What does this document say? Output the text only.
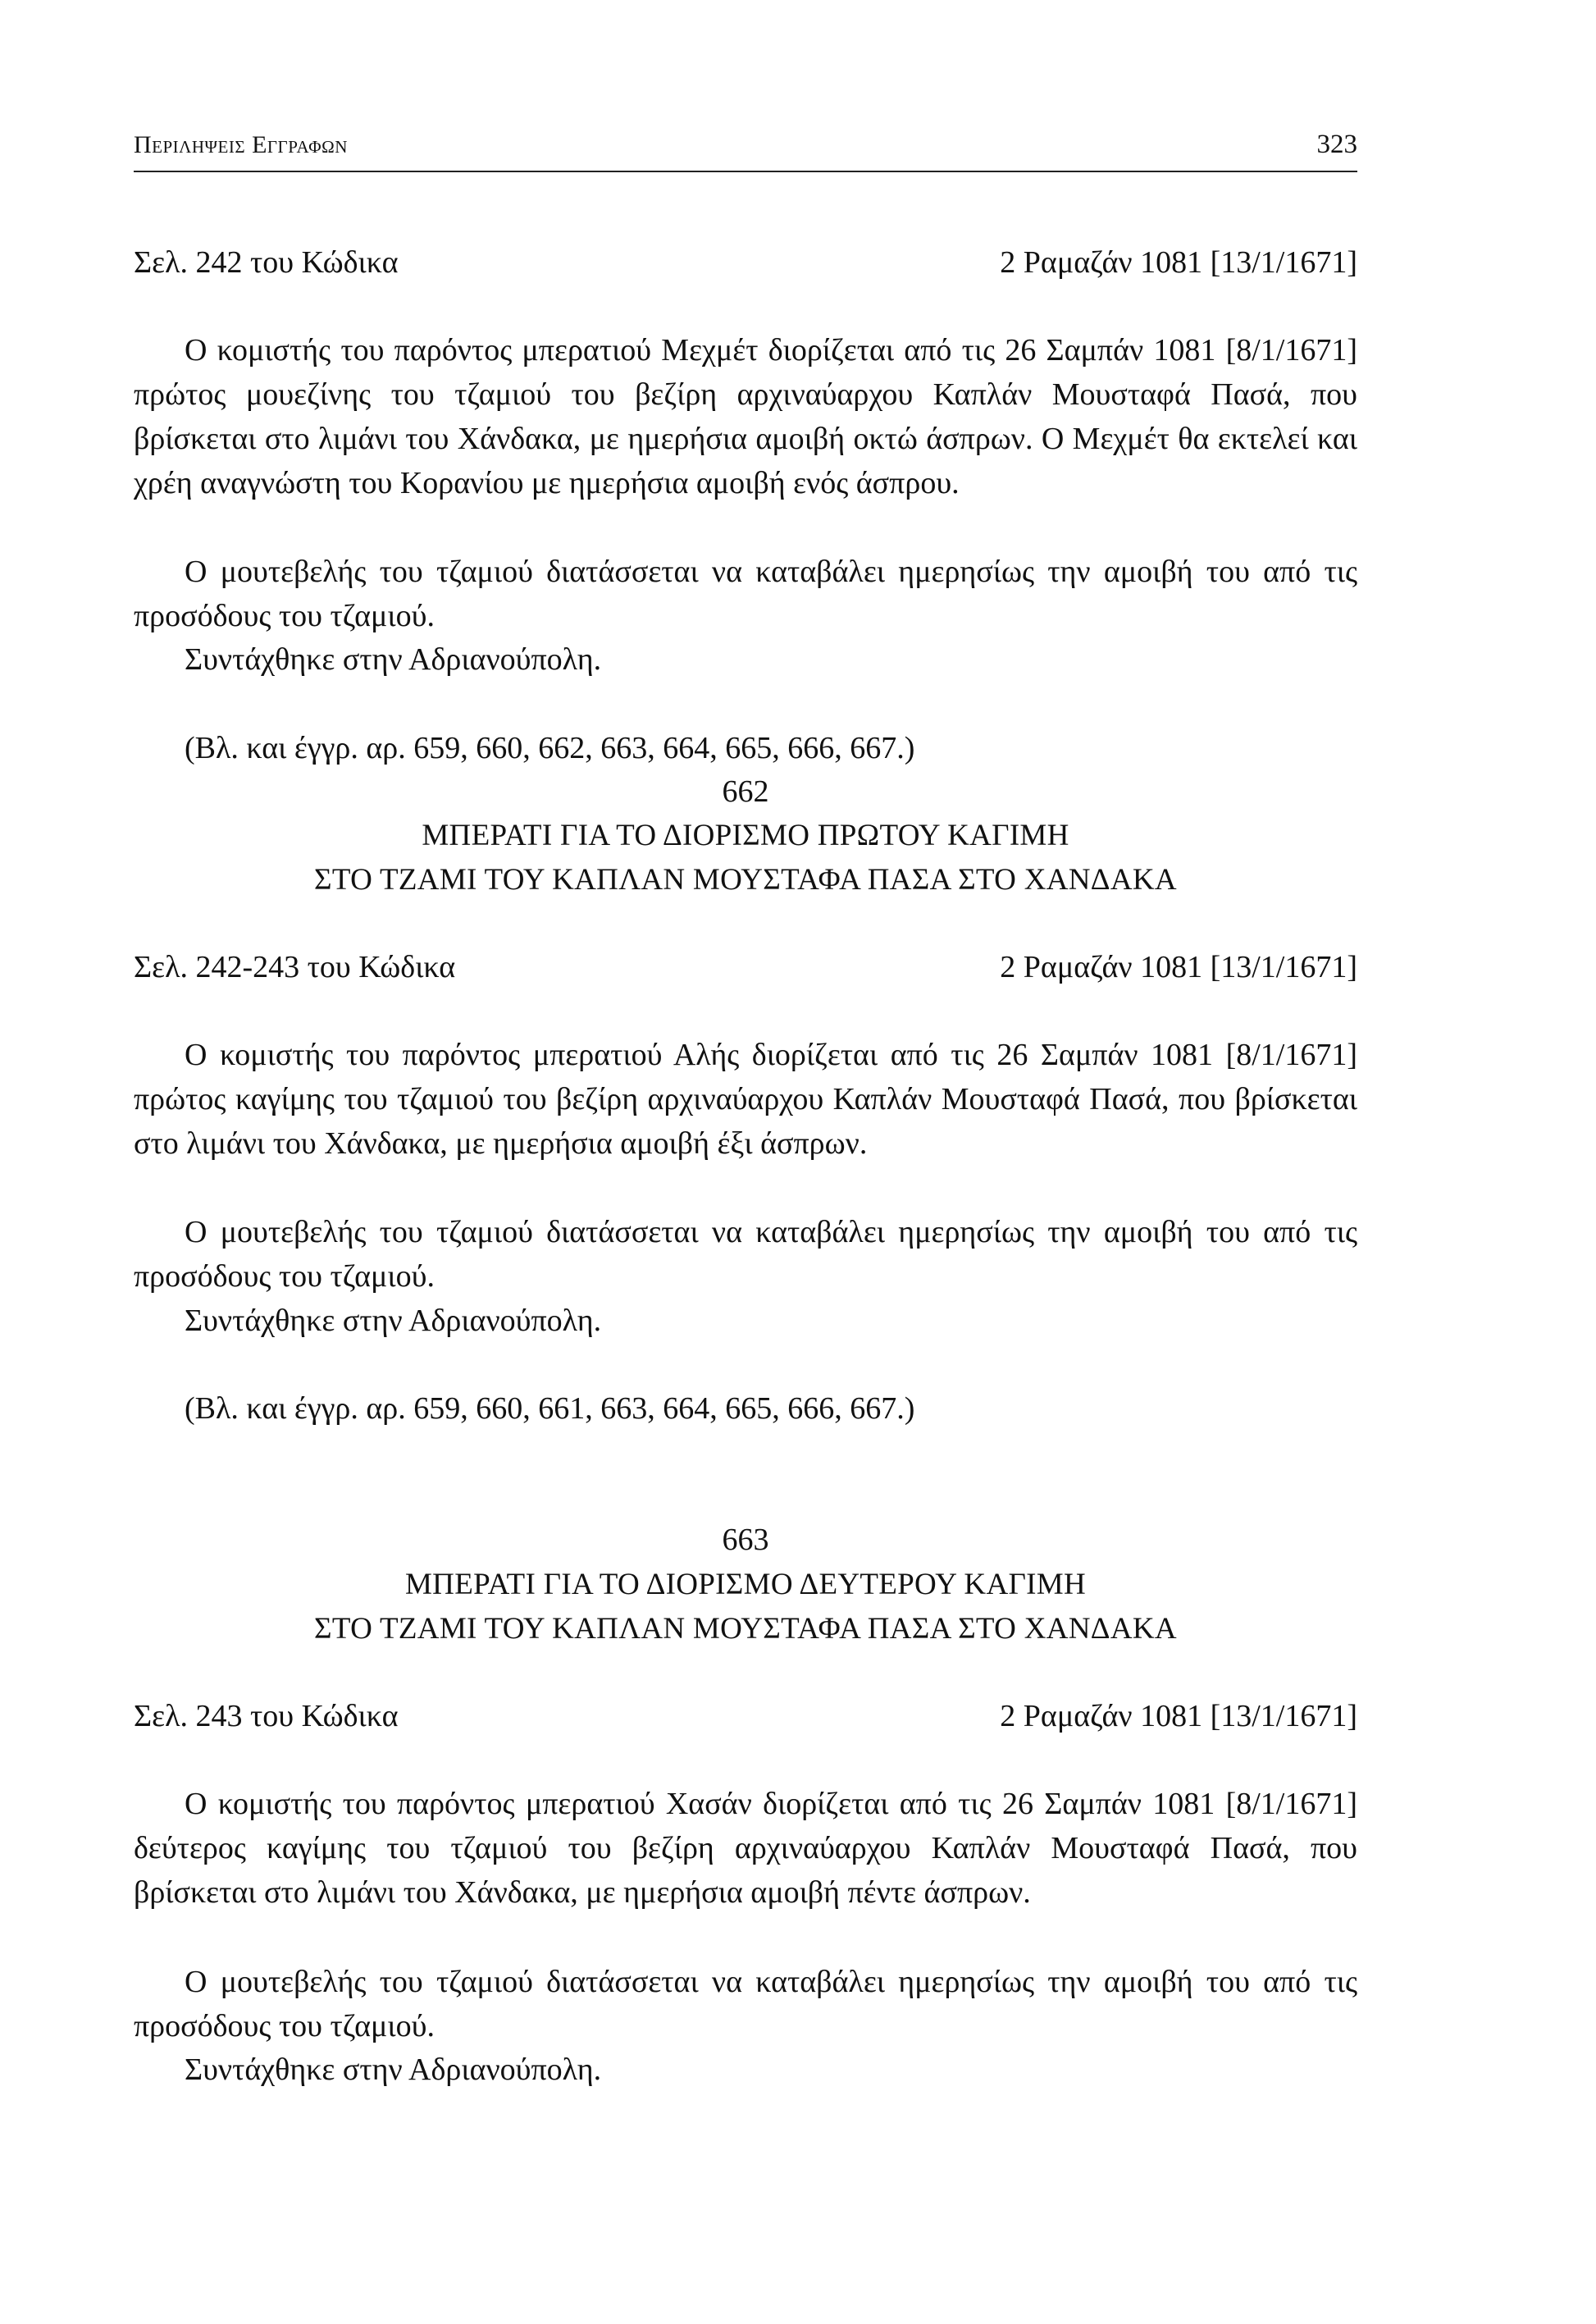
Περιληψεις Εγγραφων	323
Σελ. 242 του Κώδικα	2 Ραμαζάν 1081 [13/1/1671]
Ο κομιστής του παρόντος μπερατιού Μεχμέτ διορίζεται από τις 26 Σαμπάν 1081 [8/1/1671] πρώτος μουεζίνης του τζαμιού του βεζίρη αρχιναύαρχου Καπλάν Μουσταφά Πασά, που βρίσκεται στο λιμάνι του Χάνδακα, με ημερήσια αμοιβή οκτώ άσπρων. Ο Μεχμέτ θα εκτελεί και χρέη αναγνώστη του Κορανίου με ημερήσια αμοιβή ενός άσπρου.
Ο μουτεβελής του τζαμιού διατάσσεται να καταβάλει ημερησίως την αμοιβή του από τις προσόδους του τζαμιού.
Συντάχθηκε στην Αδριανούπολη.
(Βλ. και έγγρ. αρ. 659, 660, 662, 663, 664, 665, 666, 667.)
662
ΜΠΕΡΑΤΙ ΓΙΑ ΤΟ ΔΙΟΡΙΣΜΟ ΠΡΩΤΟΥ ΚΑΓΙΜΗ
ΣΤΟ ΤΖΑΜΙ ΤΟΥ ΚΑΠΛΑΝ ΜΟΥΣΤΑΦΑ ΠΑΣΑ ΣΤΟ ΧΑΝΔΑΚΑ
Σελ. 242-243 του Κώδικα	2 Ραμαζάν 1081 [13/1/1671]
Ο κομιστής του παρόντος μπερατιού Αλής διορίζεται από τις 26 Σαμπάν 1081 [8/1/1671] πρώτος καγίμης του τζαμιού του βεζίρη αρχιναύαρχου Καπλάν Μουσταφά Πασά, που βρίσκεται στο λιμάνι του Χάνδακα, με ημερήσια αμοιβή έξι άσπρων.
Ο μουτεβελής του τζαμιού διατάσσεται να καταβάλει ημερησίως την αμοιβή του από τις προσόδους του τζαμιού.
Συντάχθηκε στην Αδριανούπολη.
(Βλ. και έγγρ. αρ. 659, 660, 661, 663, 664, 665, 666, 667.)
663
ΜΠΕΡΑΤΙ ΓΙΑ ΤΟ ΔΙΟΡΙΣΜΟ ΔΕΥΤΕΡΟΥ ΚΑΓΙΜΗ
ΣΤΟ ΤΖΑΜΙ ΤΟΥ ΚΑΠΛΑΝ ΜΟΥΣΤΑΦΑ ΠΑΣΑ ΣΤΟ ΧΑΝΔΑΚΑ
Σελ. 243 του Κώδικα	2 Ραμαζάν 1081 [13/1/1671]
Ο κομιστής του παρόντος μπερατιού Χασάν διορίζεται από τις 26 Σαμπάν 1081 [8/1/1671] δεύτερος καγίμης του τζαμιού του βεζίρη αρχιναύαρχου Καπλάν Μουσταφά Πασά, που βρίσκεται στο λιμάνι του Χάνδακα, με ημερήσια αμοιβή πέντε άσπρων.
Ο μουτεβελής του τζαμιού διατάσσεται να καταβάλει ημερησίως την αμοιβή του από τις προσόδους του τζαμιού.
Συντάχθηκε στην Αδριανούπολη.
